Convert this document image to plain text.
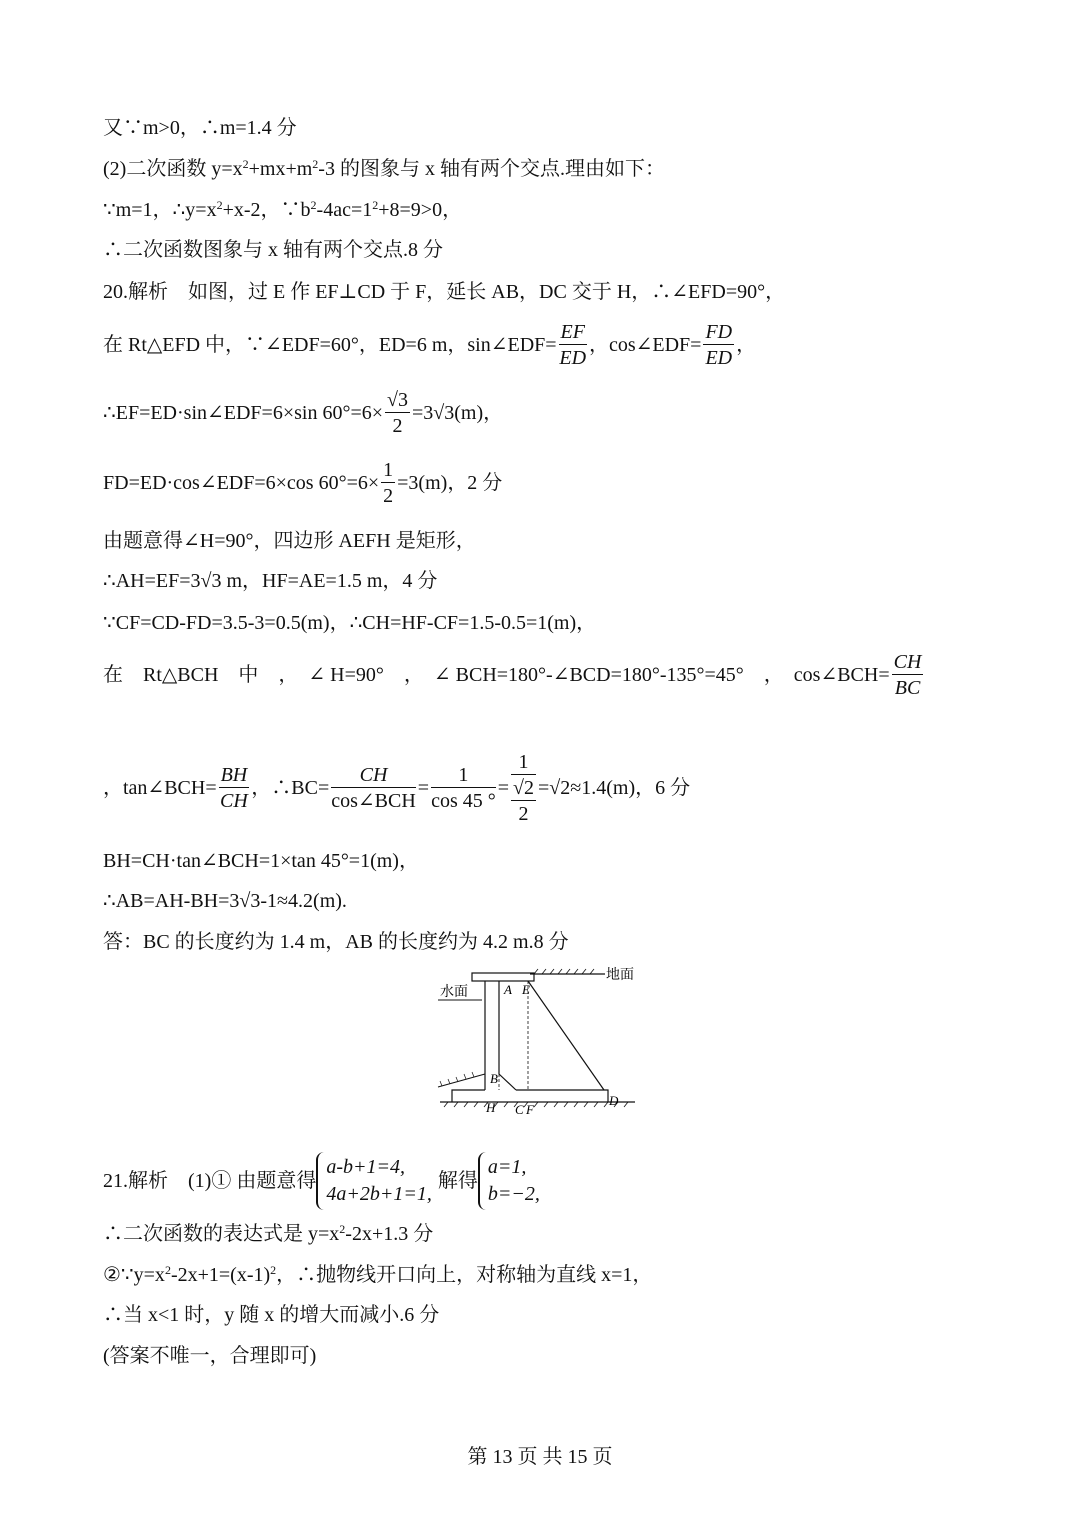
又∵m>0，∴m=1.4 分
(2)二次函数 $y=x^2+mx+m^2-3$ 的图象与 x 轴有两个交点.理由如下：
∵m=1，$\therefore y=x^2+x-2$，$\because b^2-4ac=1^2+8=9>0$，
∴二次函数图象与 x 轴有两个交点.8 分
20.解析　如图，过 E 作 EF⊥CD 于 F，延长 AB，DC 交于 H，∴∠EFD=90°，
在 Rt△EFD 中，∵∠EDF=60°，ED=6 m，sin∠EDF= $\frac{EF}{ED}$ ，cos∠EDF= $\frac{FD}{ED}$ ，
∴EF=ED·sin∠EDF=6×sin $60^\circ=6\times \frac{√3}{2} =3√3(m)$，
FD=ED·cos∠EDF=6×cos $60^\circ=6\times \frac{1}{2} =3(m)$，2 分
由题意得∠H=90°，四边形 AEFH 是矩形，
∴AH=EF=3√3 m，HF=AE=1.5 m，4 分
∵CF=CD-FD=3.5-3=0.5(m)，∴CH=HF-CF=1.5-0.5=1(m)，
在　Rt△BCH　中　，　∠ H=90°　，　∠ BCH=180°-∠BCD=180°-135°=45°　，　cos∠BCH= $\frac{CH}{BC}$
，tan∠BCH= $\frac{BH}{CH}$ ，∴BC= $\frac{CH}{\text{cos∠BCH}} = \frac{1}{\cos 45 ^\circ} = \frac{1}{\frac{√2}{2}} =√2\approx 1.4(m)$，6 分
BH=CH·tan∠BCH=1×tan 45°=1(m)，
∴AB=AH-BH=3√3-1≈4.2(m).
答：BC 的长度约为 1.4 m，AB 的长度约为 4.2 m.8 分
地面
水面	A E
B
H C F
D
21.解析　(1)① 由题意得
a-b+1=4,
4a+2b+1=1,
解得
a=1,
b=−2,
∴二次函数的表达式是 $y=x^2-2x+1.3$ 分
$②\because y=x^2-2x+1=(x-1)^2$，∴抛物线开口向上，对称轴为直线 x=1，
∴当 x<1 时，y 随 x 的增大而减小.6 分
(答案不唯一，合理即可)
第 13 页 共 15 页
